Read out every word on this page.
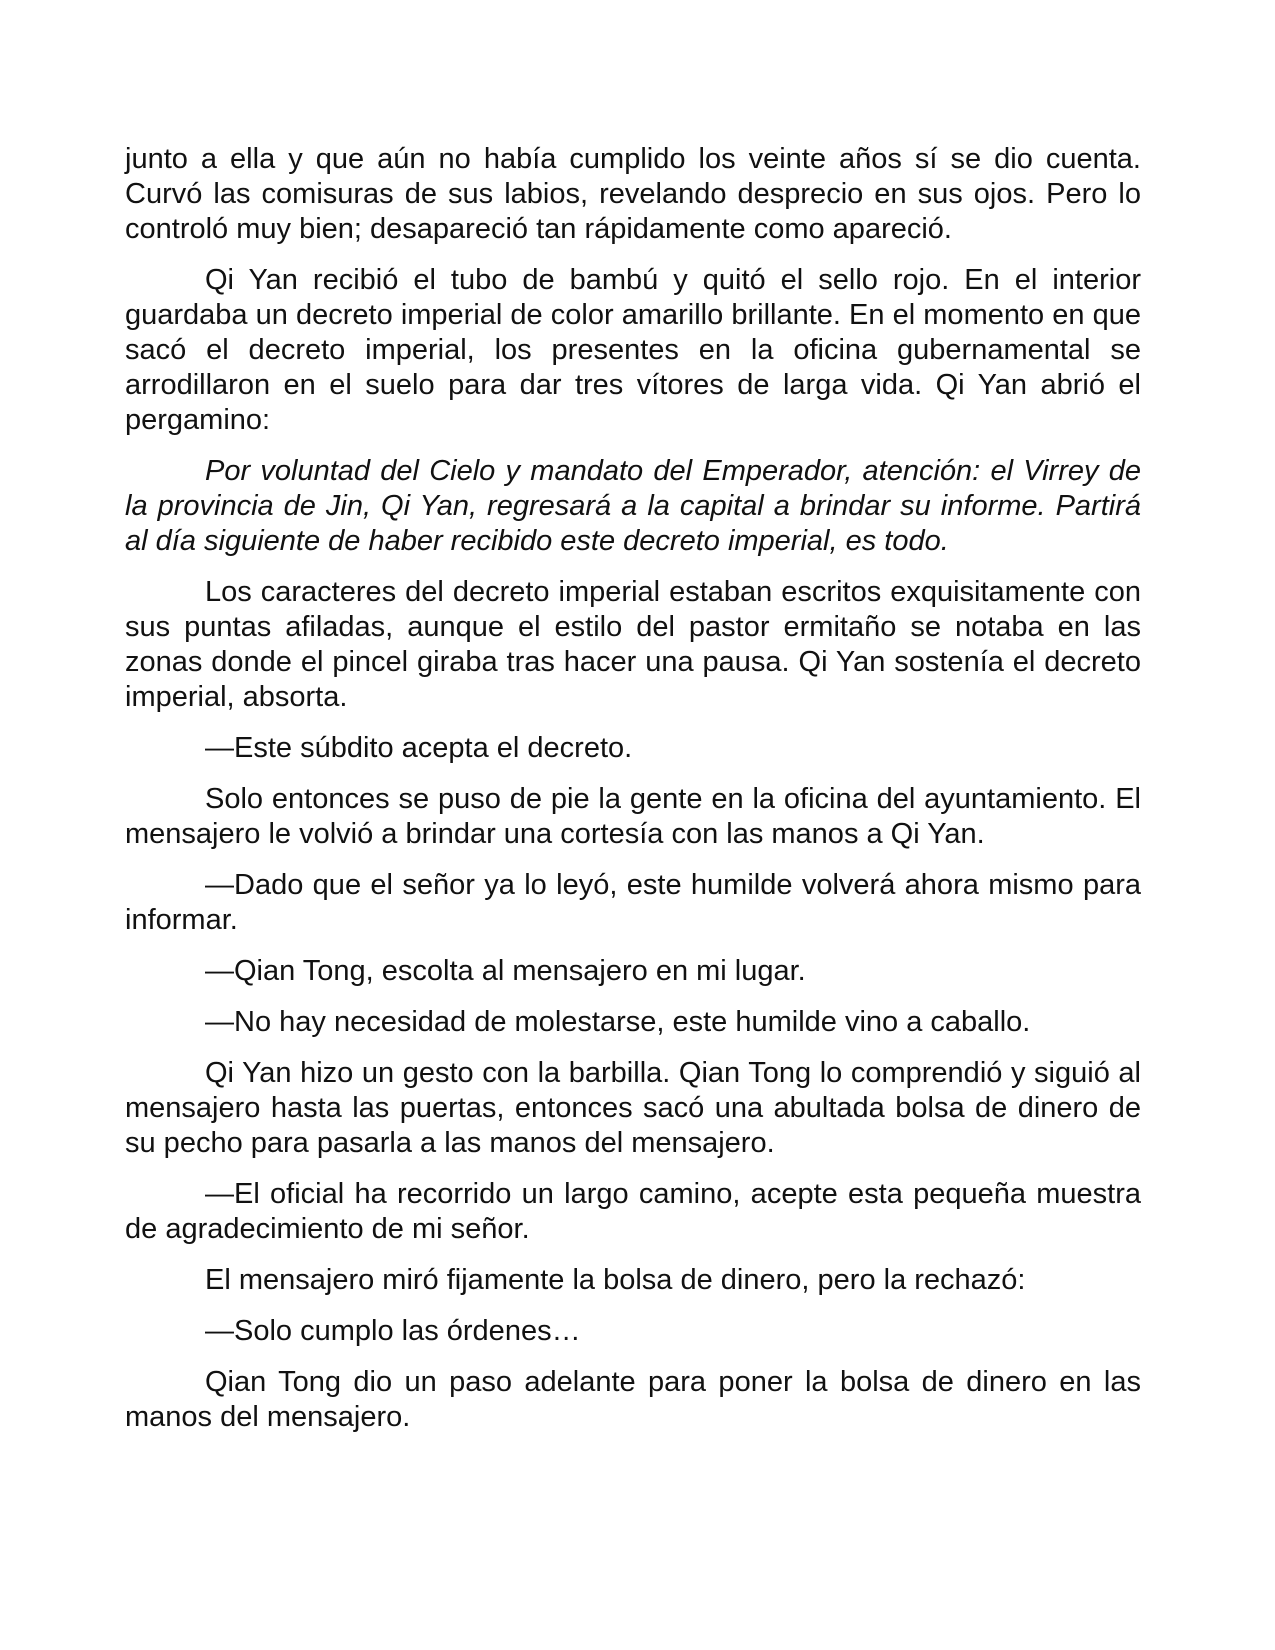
junto a ella y que aún no había cumplido los veinte años sí se dio cuenta. Curvó las comisuras de sus labios, revelando desprecio en sus ojos. Pero lo controló muy bien; desapareció tan rápidamente como apareció.

Qi Yan recibió el tubo de bambú y quitó el sello rojo. En el interior guardaba un decreto imperial de color amarillo brillante. En el momento en que sacó el decreto imperial, los presentes en la oficina gubernamental se arrodillaron en el suelo para dar tres vítores de larga vida. Qi Yan abrió el pergamino:

Por voluntad del Cielo y mandato del Emperador, atención: el Virrey de la provincia de Jin, Qi Yan, regresará a la capital a brindar su informe. Partirá al día siguiente de haber recibido este decreto imperial, es todo.

Los caracteres del decreto imperial estaban escritos exquisitamente con sus puntas afiladas, aunque el estilo del pastor ermitaño se notaba en las zonas donde el pincel giraba tras hacer una pausa. Qi Yan sostenía el decreto imperial, absorta.

—Este súbdito acepta el decreto.

Solo entonces se puso de pie la gente en la oficina del ayuntamiento. El mensajero le volvió a brindar una cortesía con las manos a Qi Yan.

—Dado que el señor ya lo leyó, este humilde volverá ahora mismo para informar.

—Qian Tong, escolta al mensajero en mi lugar.

—No hay necesidad de molestarse, este humilde vino a caballo.

Qi Yan hizo un gesto con la barbilla. Qian Tong lo comprendió y siguió al mensajero hasta las puertas, entonces sacó una abultada bolsa de dinero de su pecho para pasarla a las manos del mensajero.

—El oficial ha recorrido un largo camino, acepte esta pequeña muestra de agradecimiento de mi señor.

El mensajero miró fijamente la bolsa de dinero, pero la rechazó:

—Solo cumplo las órdenes…

Qian Tong dio un paso adelante para poner la bolsa de dinero en las manos del mensajero.
